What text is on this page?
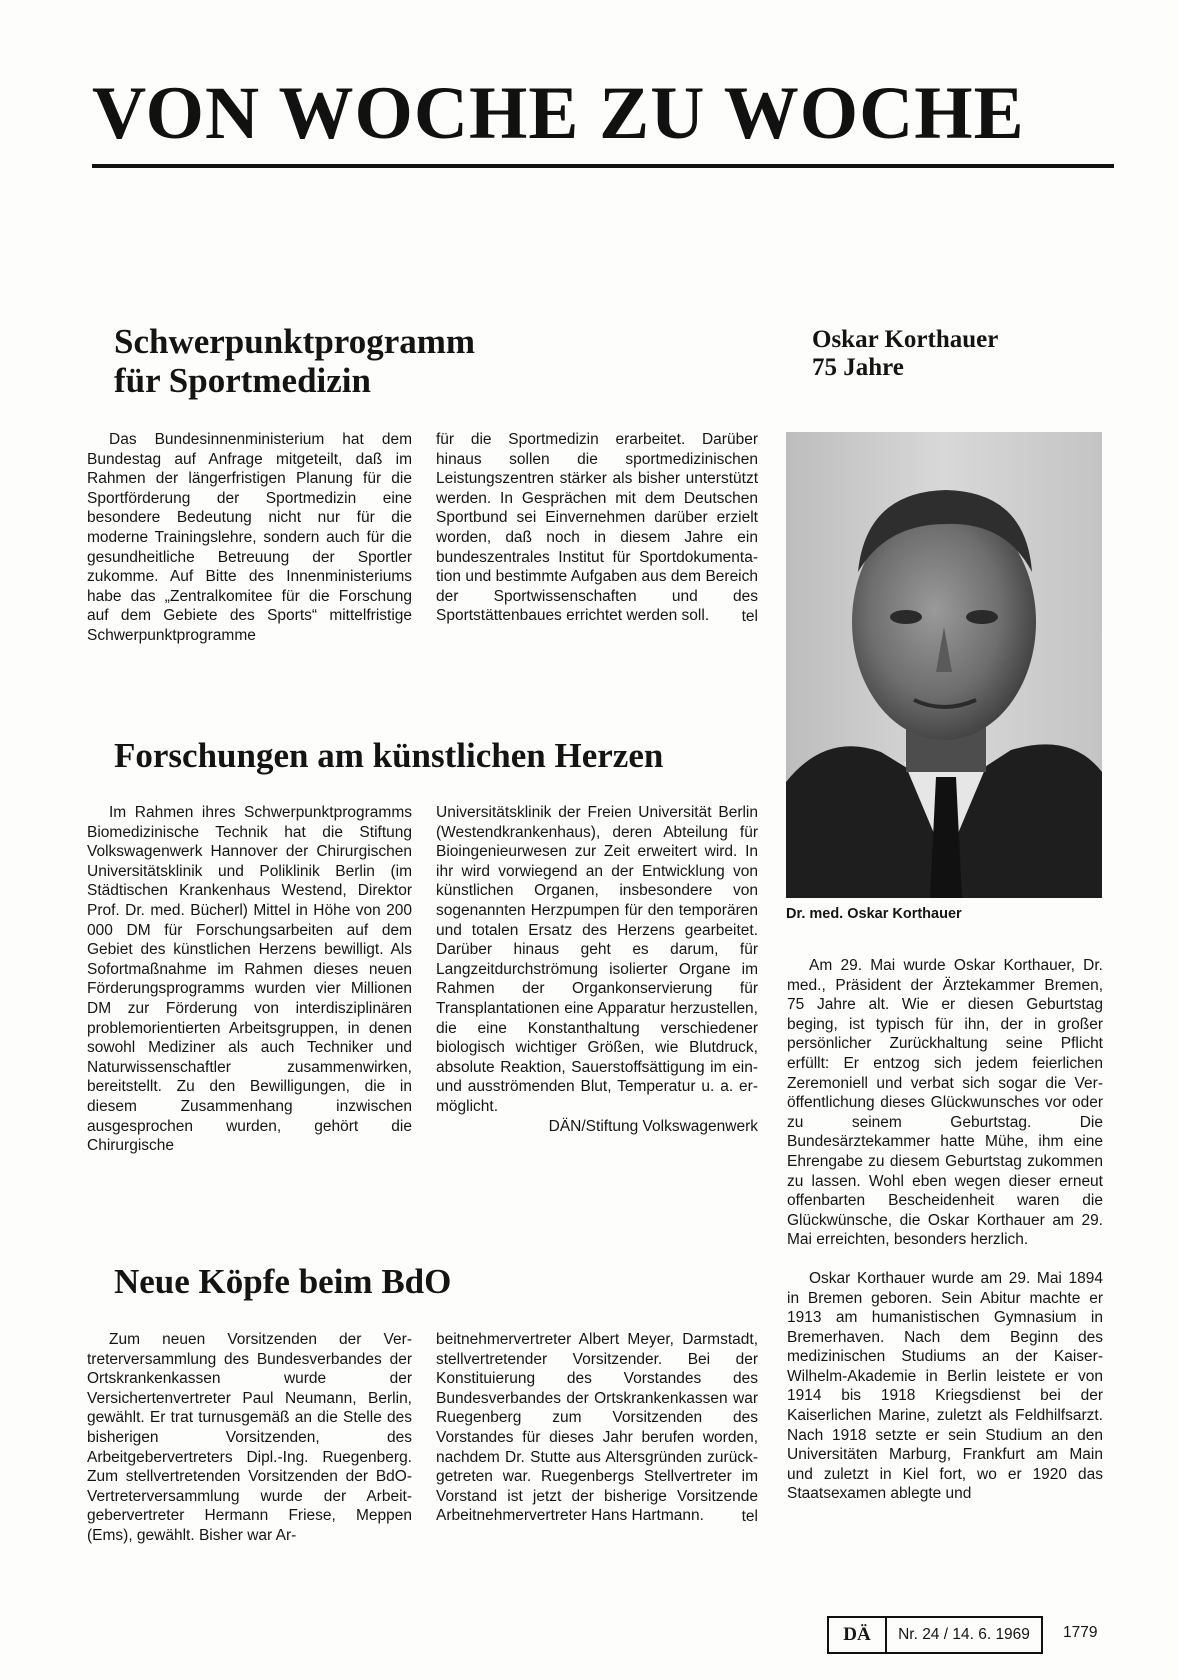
VON WOCHE ZU WOCHE
Schwerpunktprogramm
für Sportmedizin

Das Bundesinnenministerium hat dem Bundestag auf Anfrage mitgeteilt, daß im Rahmen der längerfristigen Planung für die Sportförderung der Sportmedizin eine besondere Bedeutung nicht nur für die moderne Trainingslehre, sondern auch für die gesundheitliche Betreuung der Sportler zukomme. Auf Bitte des Innenministeriums habe das „Zentralkomitee für die Forschung auf dem Gebiete des Sports“ mittelfristige Schwerpunktprogramme

für die Sportmedizin erarbeitet. Darüber hinaus sollen die sportmedizinischen Leistungszentren stärker als bisher unterstützt werden. In Gesprächen mit dem Deutschen Sportbund sei Einvernehmen darüber erzielt worden, daß noch in diesem Jahre ein bundeszentrales Institut für Sportdokumentation und bestimmte Aufgaben aus dem Bereich der Sportwissenschaften und des Sportstättenbaues errichtet werden soll.	tel

Forschungen am künstlichen Herzen

Im Rahmen ihres Schwerpunktprogramms Biomedizinische Technik hat die Stiftung Volkswagenwerk Hannover der Chirurgischen Universitätsklinik und Poliklinik Berlin (im Städtischen Krankenhaus Westend, Direktor Prof. Dr. med. Bücherl) Mittel in Höhe von 200 000 DM für Forschungsarbeiten auf dem Gebiet des künstlichen Herzens bewilligt. Als Sofortmaßnahme im Rahmen dieses neuen Förderungsprogramms wurden vier Millionen DM zur Förderung von interdisziplinären problemorientierten Arbeitsgruppen, in denen sowohl Mediziner als auch Techniker und Naturwissenschaftler zusammenwirken, bereitstellt. Zu den Bewilligungen, die in diesem Zusammenhang inzwischen ausgesprochen wurden, gehört die Chirurgische

Universitätsklinik der Freien Universität Berlin (Westendkrankenhaus), deren Abteilung für Bioingenieurwesen zur Zeit erweitert wird. In ihr wird vorwiegend an der Entwicklung von künstlichen Organen, insbesondere von sogenannten Herzpumpen für den temporären und totalen Ersatz des Herzens gearbeitet. Darüber hinaus geht es darum, für Langzeitdurchströmung isolierter Organe im Rahmen der Organkonservierung für Transplantationen eine Apparatur herzustellen, die eine Konstanthaltung verschiedener biologisch wichtiger Größen, wie Blutdruck, absolute Reaktion, Sauerstoffsättigung im ein- und ausströmenden Blut, Temperatur u. a. ermöglicht.

DÄN/Stiftung Volkswagenwerk

Neue Köpfe beim BdO

Zum neuen Vorsitzenden der Vertreterversammlung des Bundesverbandes der Ortskrankenkassen wurde der Versichertenvertreter Paul Neumann, Berlin, gewählt. Er trat turnusgemäß an die Stelle des bisherigen Vorsitzenden, des Arbeitgebervertreters Dipl.-Ing. Ruegenberg. Zum stellvertretenden Vorsitzenden der BdO-Vertreterversammlung wurde der Arbeitgebervertreter Hermann Friese, Meppen (Ems), gewählt. Bisher war Ar-

beitnehmervertreter Albert Meyer, Darmstadt, stellvertretender Vorsitzender. Bei der Konstituierung des Vorstandes des Bundesverbandes der Ortskrankenkassen war Ruegenberg zum Vorsitzenden des Vorstandes für dieses Jahr berufen worden, nachdem Dr. Stutte aus Altersgründen zurückgetreten war. Ruegenbergs Stellvertreter im Vorstand ist jetzt der bisherige Vorsitzende Arbeitnehmervertreter Hans Hartmann.	tel

Oskar Korthauer
75 Jahre
Dr. med. Oskar Korthauer

Am 29. Mai wurde Oskar Korthauer, Dr. med., Präsident der Ärztekammer Bremen, 75 Jahre alt. Wie er diesen Geburtstag beging, ist typisch für ihn, der in großer persönlicher Zurückhaltung seine Pflicht erfüllt: Er entzog sich jedem feierlichen Zeremoniell und verbat sich sogar die Veröffentlichung dieses Glückwunsches vor oder zu seinem Geburtstag. Die Bundesärztekammer hatte Mühe, ihm eine Ehrengabe zu diesem Geburtstag zukommen zu lassen. Wohl eben wegen dieser erneut offenbarten Bescheidenheit waren die Glückwünsche, die Oskar Korthauer am 29. Mai erreichten, besonders herzlich.

Oskar Korthauer wurde am 29. Mai 1894 in Bremen geboren. Sein Abitur machte er 1913 am humanistischen Gymnasium in Bremerhaven. Nach dem Beginn des medizinischen Studiums an der Kaiser-Wilhelm-Akademie in Berlin leistete er von 1914 bis 1918 Kriegsdienst bei der Kaiserlichen Marine, zuletzt als Feldhilfsarzt. Nach 1918 setzte er sein Studium an den Universitäten Marburg, Frankfurt am Main und zuletzt in Kiel fort, wo er 1920 das Staatsexamen ablegte und

DÄ	Nr. 24 / 14. 6. 1969	1779
